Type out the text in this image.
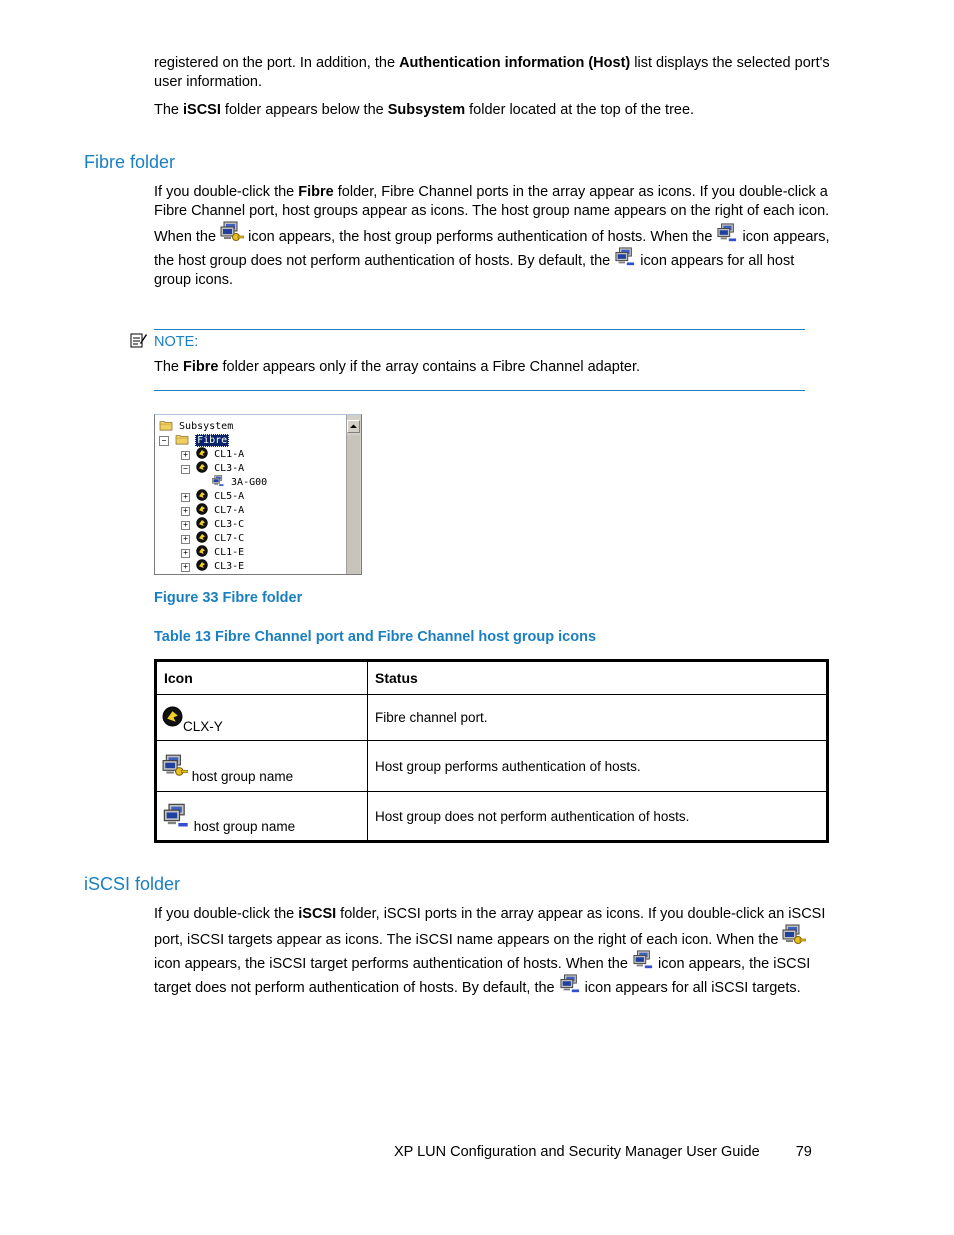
registered on the port. In addition, the Authentication information (Host) list displays the selected port's user information.

The iSCSI folder appears below the Subsystem folder located at the top of the tree.

Fibre folder

If you double-click the Fibre folder, Fibre Channel ports in the array appear as icons. If you double-click a Fibre Channel port, host groups appear as icons. The host group name appears on the right of each icon. When the  icon appears, the host group performs authentication of hosts. When the  icon appears, the host group does not perform authentication of hosts. By default, the  icon appears for all host group icons.

NOTE:

The Fibre folder appears only if the array contains a Fibre Channel adapter.

Subsystem
−	Fibre
+	CL1-A
−	CL3-A
3A-G00
+	CL5-A
+	CL7-A
+	CL3-C
+	CL7-C
+	CL1-E
+	CL3-E
Figure 33 Fibre folder
Table 13 Fibre Channel port and Fibre Channel host group icons
Icon	Status
CLX-Y	Fibre channel port.
host group name	Host group performs authentication of hosts.
host group name	Host group does not perform authentication of hosts.
iSCSI folder

If you double-click the iSCSI folder, iSCSI ports in the array appear as icons. If you double-click an iSCSI port, iSCSI targets appear as icons. The iSCSI name appears on the right of each icon. When the  icon appears, the iSCSI target performs authentication of hosts. When the  icon appears, the iSCSI target does not perform authentication of hosts. By default, the  icon appears for all iSCSI targets.

XP LUN Configuration and Security Manager User Guide 79
